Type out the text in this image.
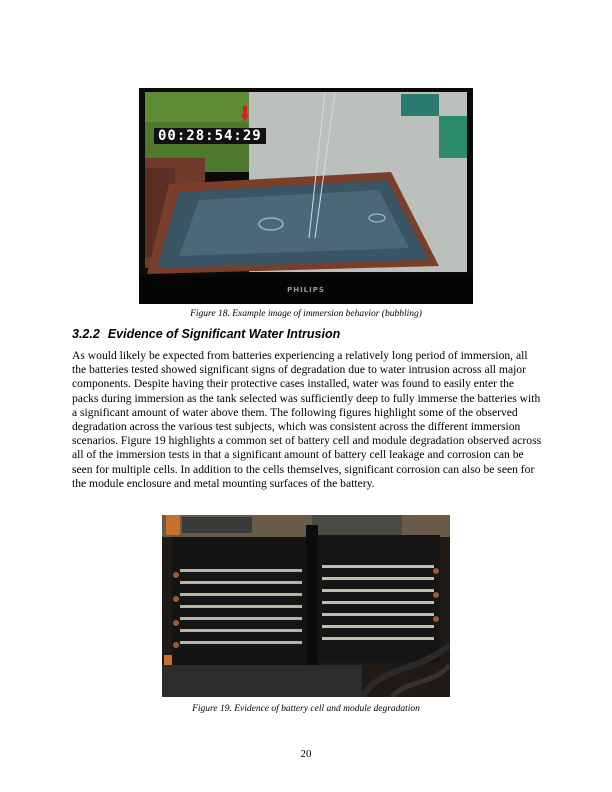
00:28:54:29
PHILIPS
Figure 18. Example image of immersion behavior (bubbling)
3.2.2 Evidence of Significant Water Intrusion
As would likely be expected from batteries experiencing a relatively long period of immersion, all the batteries tested showed significant signs of degradation due to water intrusion across all major components. Despite having their protective cases installed, water was found to easily enter the packs during immersion as the tank selected was sufficiently deep to fully immerse the batteries with a significant amount of water above them. The following figures highlight some of the observed degradation across the various test subjects, which was consistent across the different immersion scenarios. Figure 19 highlights a common set of battery cell and module degradation observed across all of the immersion tests in that a significant amount of battery cell leakage and corrosion can be seen for multiple cells. In addition to the cells themselves, significant corrosion can also be seen for the module enclosure and metal mounting surfaces of the battery.
Figure 19. Evidence of battery cell and module degradation
20
